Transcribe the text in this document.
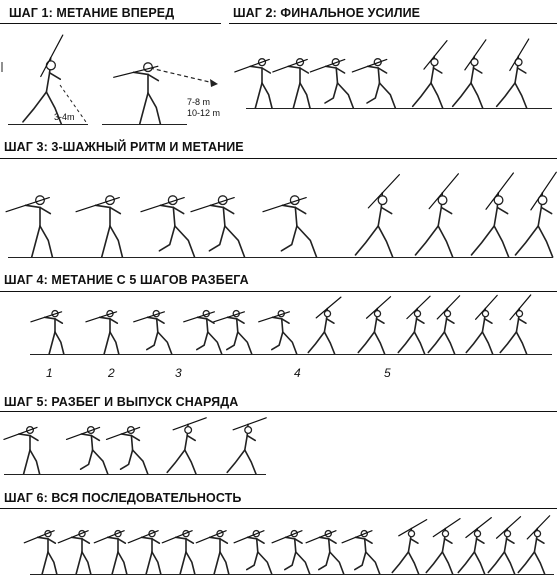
ШАГ 1: МЕТАНИЕ ВПЕРЕД	ШАГ 2: ФИНАЛЬНОЕ УСИЛИЕ
ШАГ 3: 3-ШАЖНЫЙ РИТМ И МЕТАНИЕ
ШАГ 4: МЕТАНИЕ С 5 ШАГОВ РАЗБЕГА
ШАГ 5: РАЗБЕГ И ВЫПУСК СНАРЯДА
ШАГ 6: ВСЯ ПОСЛЕДОВАТЕЛЬНОСТЬ
3-4m
7-8 m
10-12 m
1	2	3	4	5
